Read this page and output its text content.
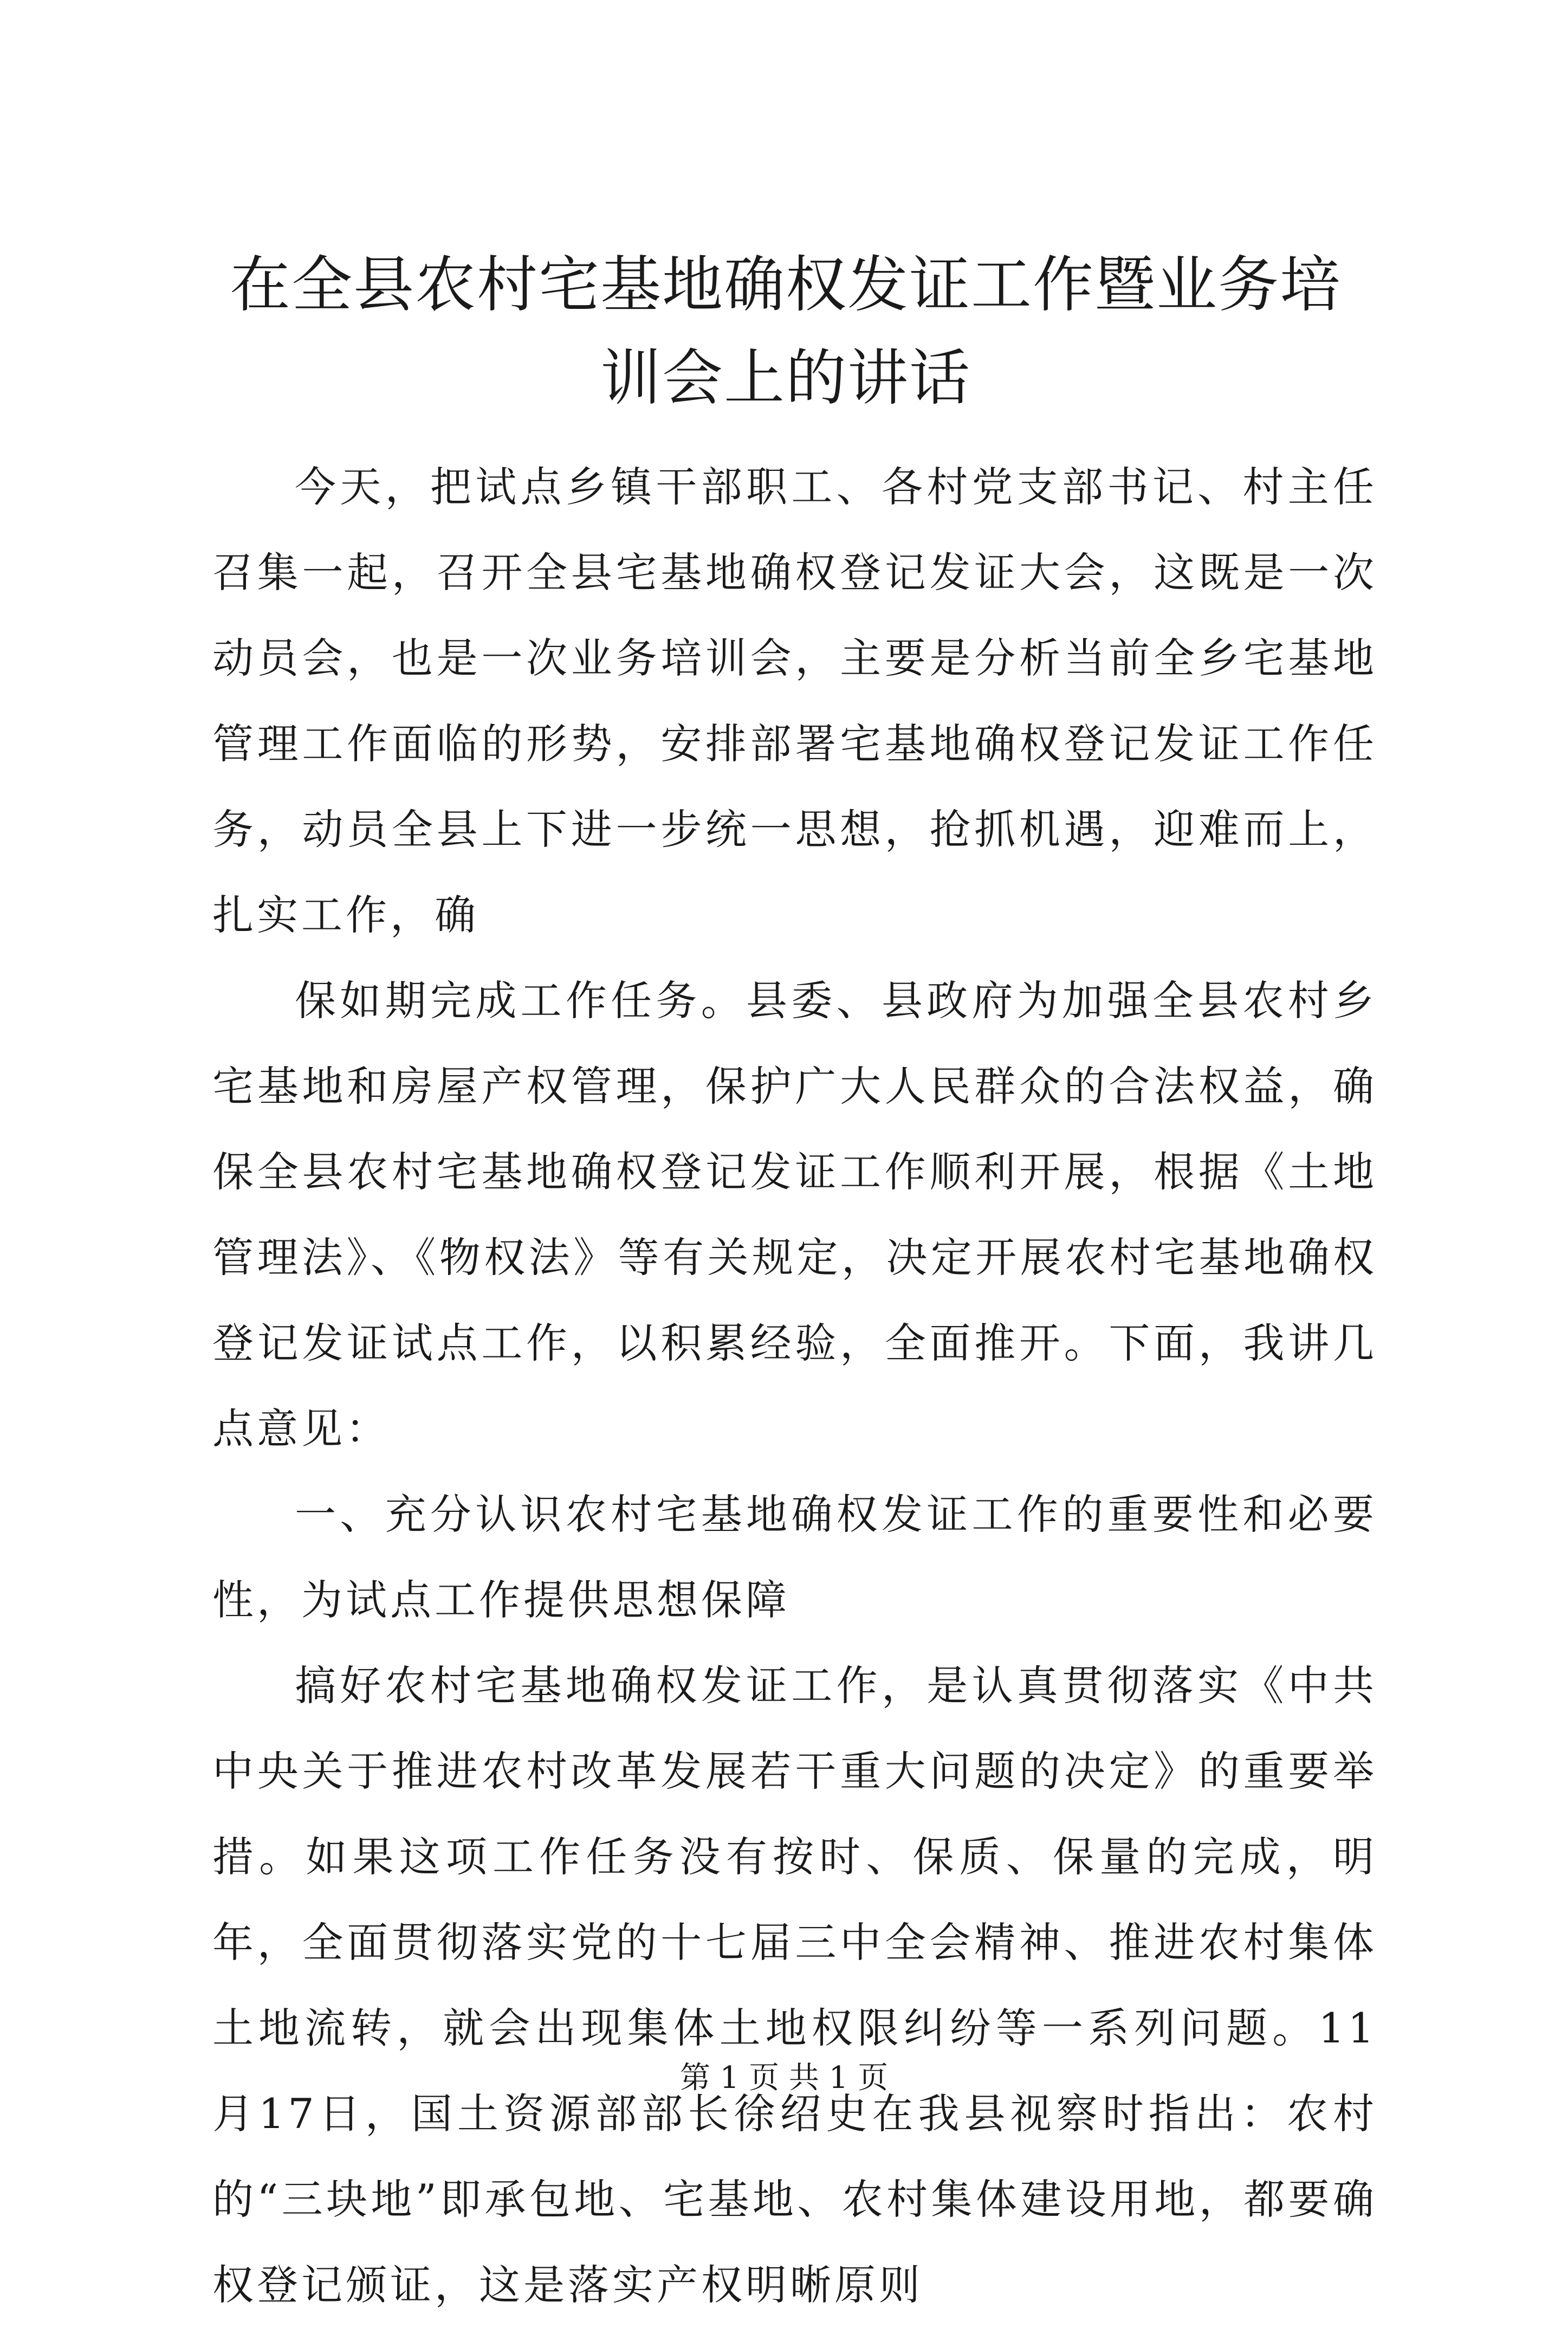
在全县农村宅基地确权发证工作暨业务培训会上的讲话

今天，把试点乡镇干部职工、各村党支部书记、村主任召集一起，召开全县宅基地确权登记发证大会，这既是一次动员会，也是一次业务培训会，主要是分析当前全乡宅基地管理工作面临的形势，安排部署宅基地确权登记发证工作任务，动员全县上下进一步统一思想，抢抓机遇，迎难而上，扎实工作，确

保如期完成工作任务。县委、县政府为加强全县农村乡宅基地和房屋产权管理，保护广大人民群众的合法权益，确保全县农村宅基地确权登记发证工作顺利开展，根据《土地管理法》、《物权法》等有关规定，决定开展农村宅基地确权登记发证试点工作，以积累经验，全面推开。下面，我讲几点意见：

一、充分认识农村宅基地确权发证工作的重要性和必要性，为试点工作提供思想保障

搞好农村宅基地确权发证工作，是认真贯彻落实《中共中央关于推进农村改革发展若干重大问题的决定》的重要举措。如果这项工作任务没有按时、保质、保量的完成，明年，全面贯彻落实党的十七届三中全会精神、推进农村集体土地流转，就会出现集体土地权限纠纷等一系列问题。11月17日，国土资源部部长徐绍史在我县视察时指出：农村的“三块地”即承包地、宅基地、农村集体建设用地，都要确权登记颁证，这是落实产权明晰原则

第 1 页 共 1 页
